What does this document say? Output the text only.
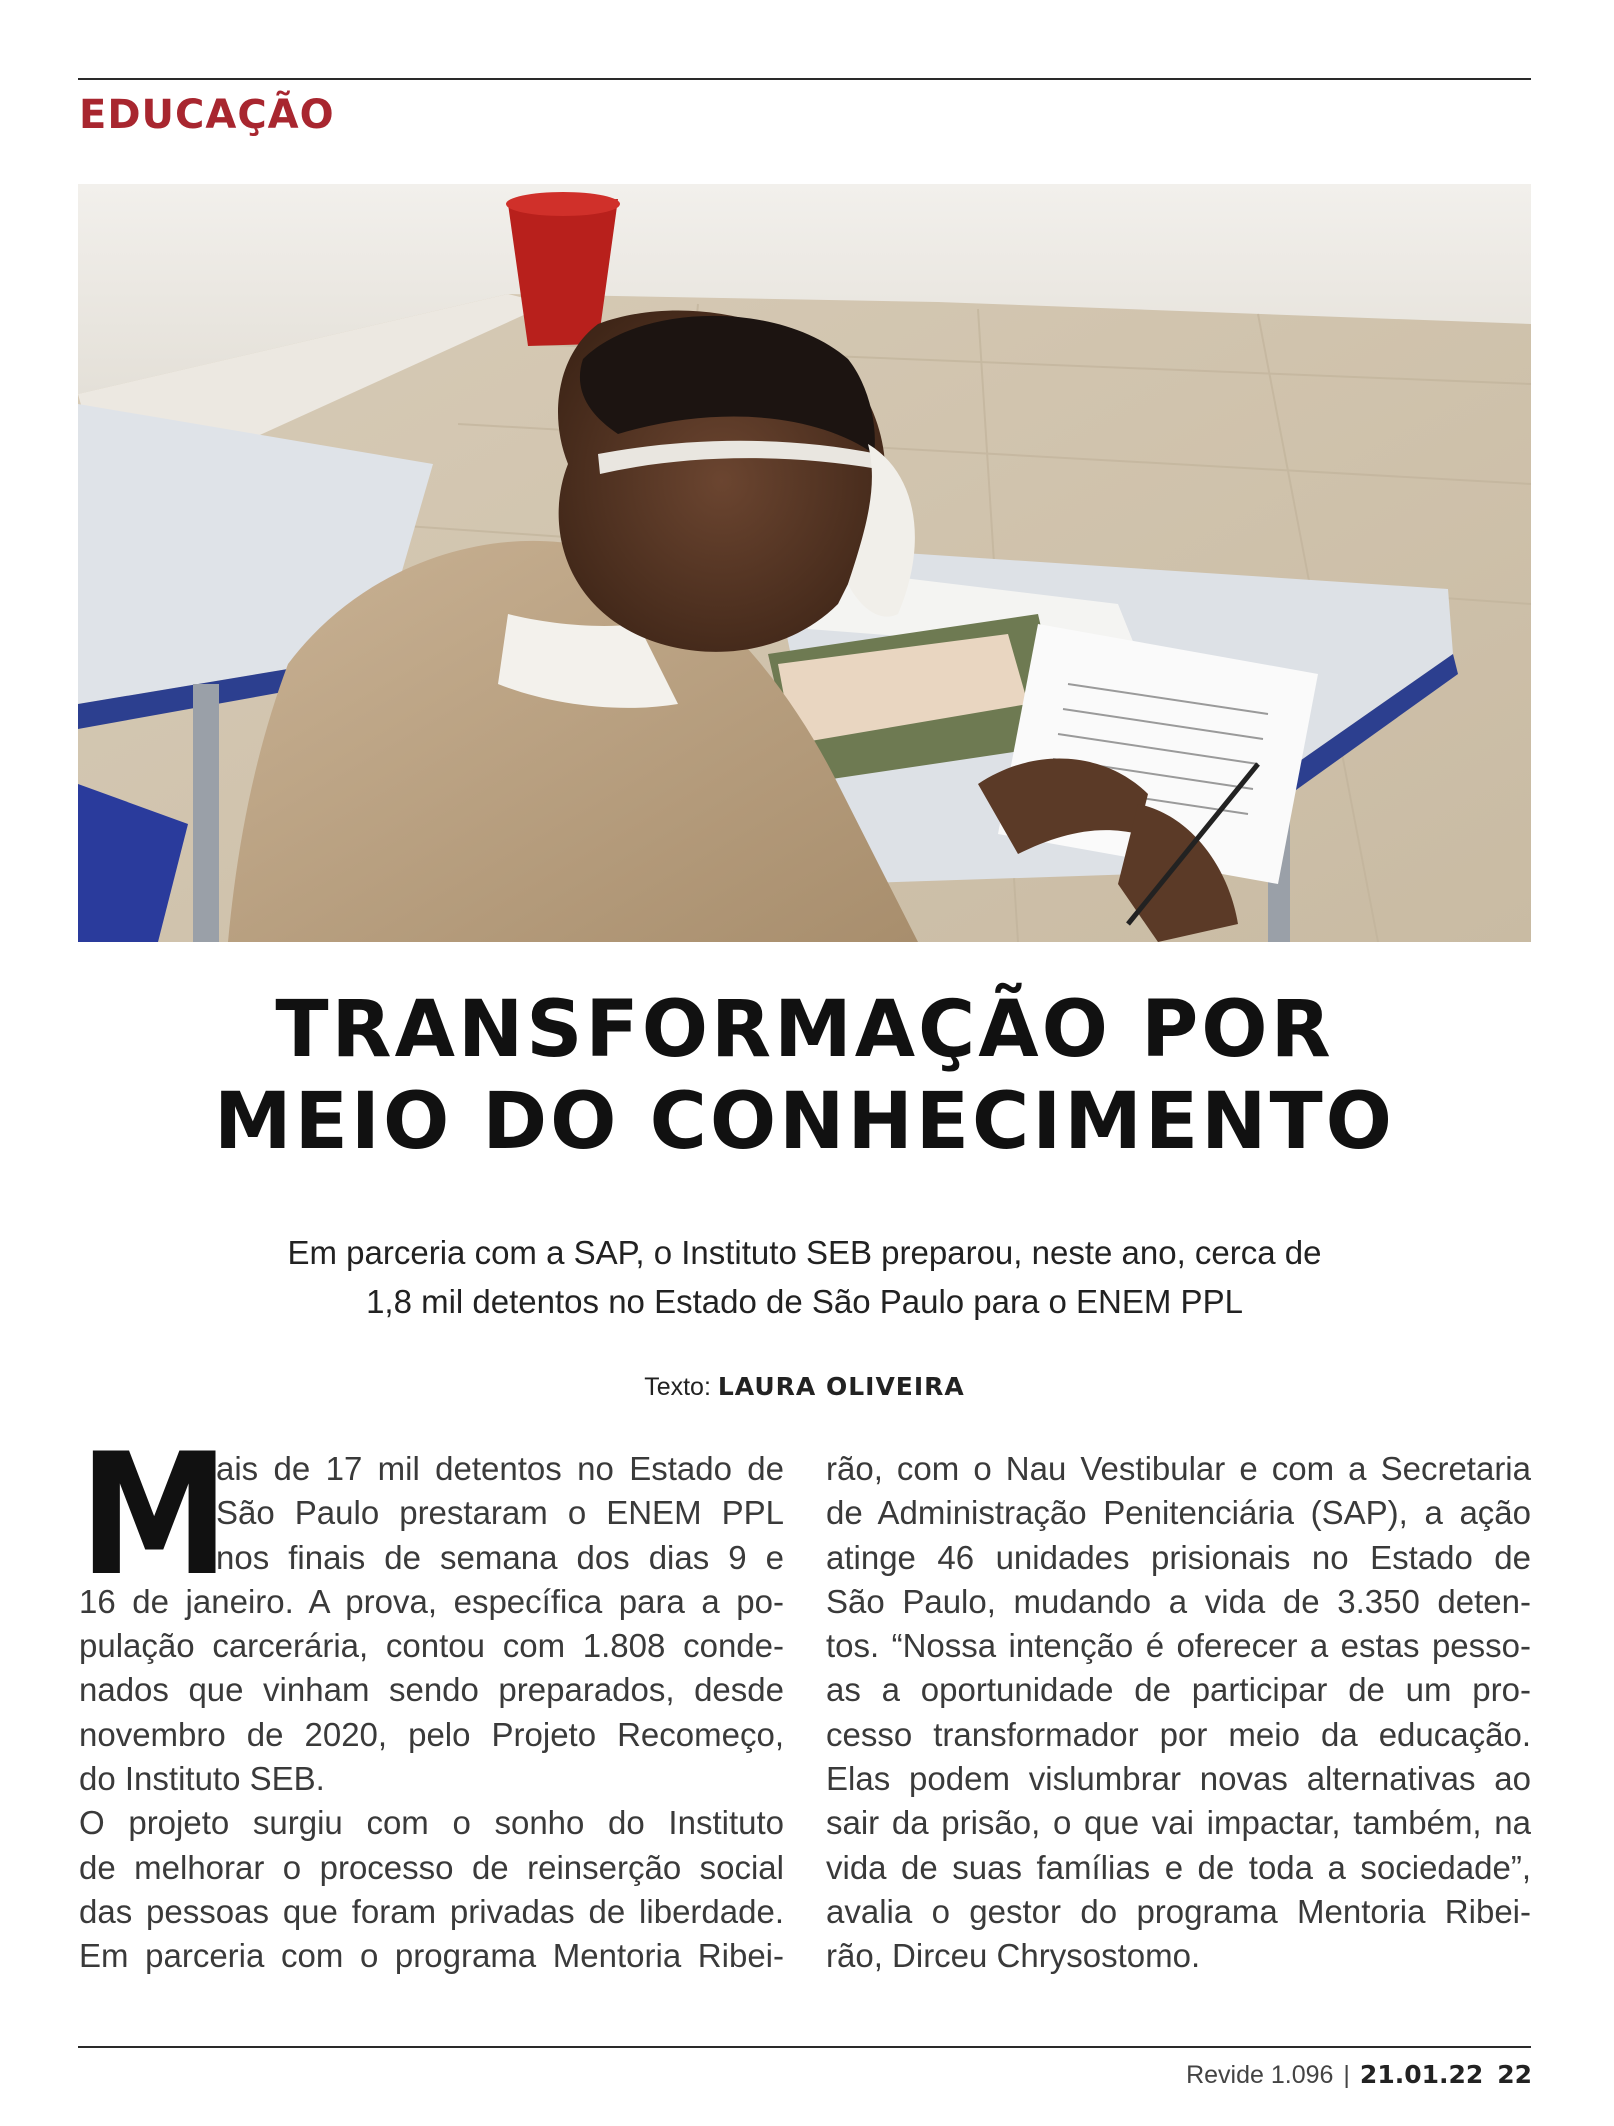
EDUCAÇÃO
TRANSFORMAÇÃO POR
MEIO DO CONHECIMENTO
Em parceria com a SAP, o Instituto SEB preparou, neste ano, cerca de
1,8 mil detentos no Estado de São Paulo para o ENEM PPL
Texto: LAURA OLIVEIRA
M
ais de 17 mil detentos no Estado de
São Paulo prestaram o ENEM PPL
nos finais de semana dos dias 9 e
16 de janeiro. A prova, específica para a po-
pulação carcerária, contou com 1.808 conde-
nados que vinham sendo preparados, desde
novembro de 2020, pelo Projeto Recomeço,
do Instituto SEB.
O projeto surgiu com o sonho do Instituto
de melhorar o processo de reinserção social
das pessoas que foram privadas de liberdade.
Em parceria com o programa Mentoria Ribei-
rão, com o Nau Vestibular e com a Secretaria
de Administração Penitenciária (SAP), a ação
atinge 46 unidades prisionais no Estado de
São Paulo, mudando a vida de 3.350 deten-
tos. “Nossa intenção é oferecer a estas pesso-
as a oportunidade de participar de um pro-
cesso transformador por meio da educação.
Elas podem vislumbrar novas alternativas ao
sair da prisão, o que vai impactar, também, na
vida de suas famílias e de toda a sociedade”,
avalia o gestor do programa Mentoria Ribei-
rão, Dirceu Chrysostomo.
Revide 1.096 | 21.01.22 22
